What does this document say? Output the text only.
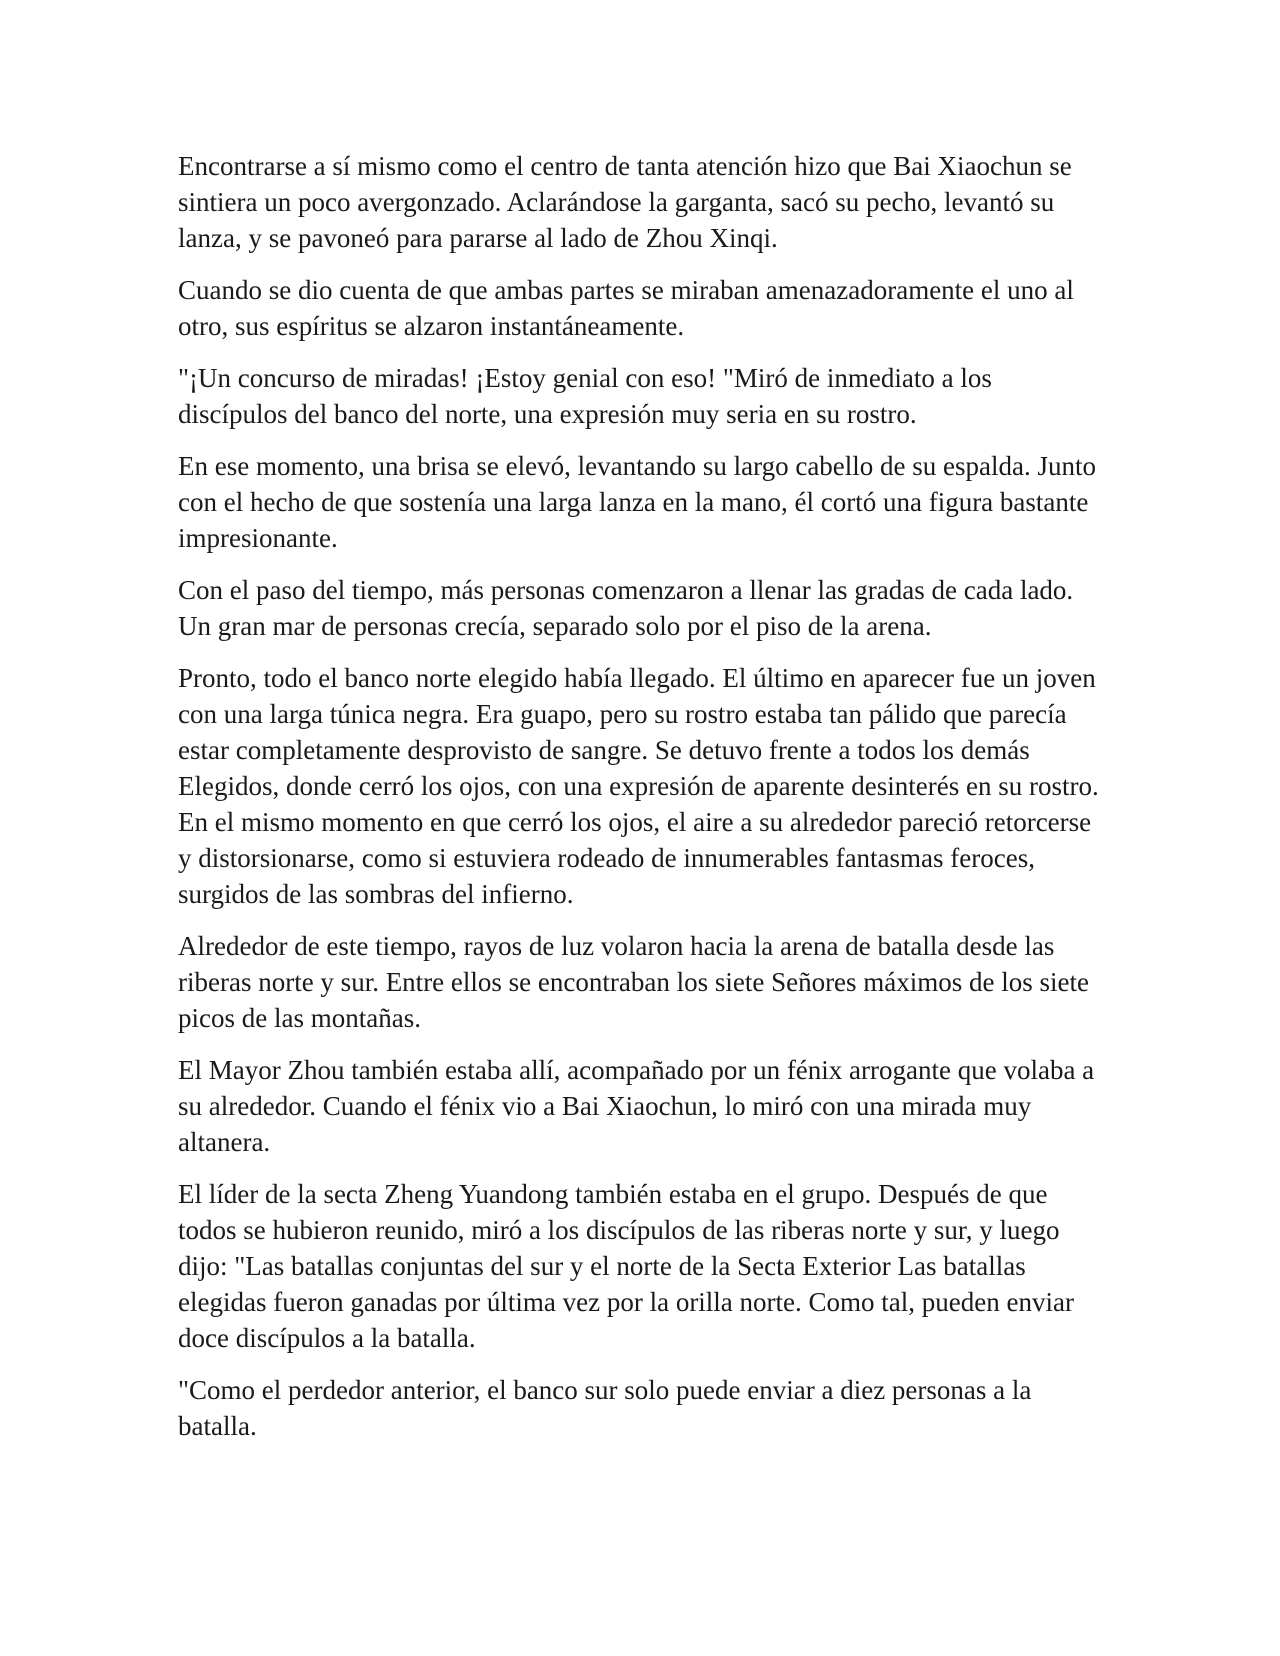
Encontrarse a sí mismo como el centro de tanta atención hizo que Bai Xiaochun se sintiera un poco avergonzado. Aclarándose la garganta, sacó su pecho, levantó su lanza, y se pavoneó para pararse al lado de Zhou Xinqi.

Cuando se dio cuenta de que ambas partes se miraban amenazadoramente el uno al otro, sus espíritus se alzaron instantáneamente.

"¡Un concurso de miradas! ¡Estoy genial con eso! "Miró de inmediato a los discípulos del banco del norte, una expresión muy seria en su rostro.

En ese momento, una brisa se elevó, levantando su largo cabello de su espalda. Junto con el hecho de que sostenía una larga lanza en la mano, él cortó una figura bastante impresionante.

Con el paso del tiempo, más personas comenzaron a llenar las gradas de cada lado. Un gran mar de personas crecía, separado solo por el piso de la arena.

Pronto, todo el banco norte elegido había llegado. El último en aparecer fue un joven con una larga túnica negra. Era guapo, pero su rostro estaba tan pálido que parecía estar completamente desprovisto de sangre. Se detuvo frente a todos los demás Elegidos, donde cerró los ojos, con una expresión de aparente desinterés en su rostro. En el mismo momento en que cerró los ojos, el aire a su alrededor pareció retorcerse y distorsionarse, como si estuviera rodeado de innumerables fantasmas feroces, surgidos de las sombras del infierno.

Alrededor de este tiempo, rayos de luz volaron hacia la arena de batalla desde las riberas norte y sur. Entre ellos se encontraban los siete Señores máximos de los siete picos de las montañas.

El Mayor Zhou también estaba allí, acompañado por un fénix arrogante que volaba a su alrededor. Cuando el fénix vio a Bai Xiaochun, lo miró con una mirada muy altanera.

El líder de la secta Zheng Yuandong también estaba en el grupo. Después de que todos se hubieron reunido, miró a los discípulos de las riberas norte y sur, y luego dijo: "Las batallas conjuntas del sur y el norte de la Secta Exterior Las batallas elegidas fueron ganadas por última vez por la orilla norte. Como tal, pueden enviar doce discípulos a la batalla.

"Como el perdedor anterior, el banco sur solo puede enviar a diez personas a la batalla.
